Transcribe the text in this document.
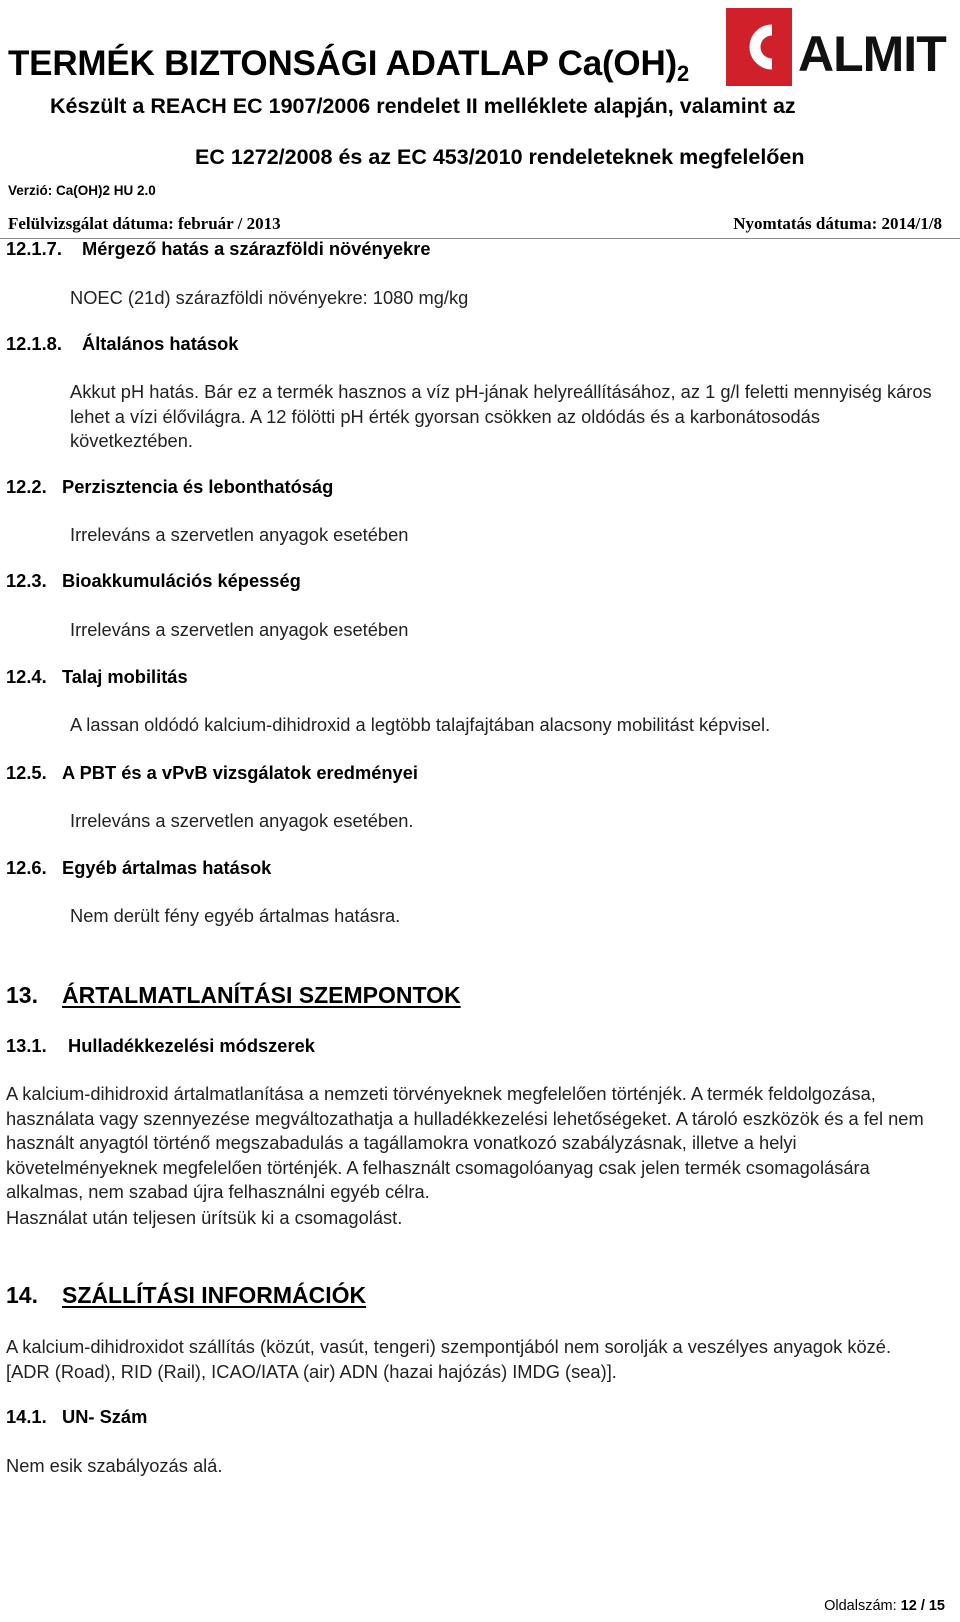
TERMÉK BIZTONSÁGI ADATLAP $Ca(OH)_2$
Készült a REACH EC 1907/2006 rendelet II melléklete alapján, valamint az
EC 1272/2008 és az EC 453/2010 rendeleteknek megfelelően
Verzió: Ca(OH)2 HU 2.0
Felülvizsgálat dátuma: február / 2013	Nyomtatás dátuma: 2014/1/8
ALMIT
12.1.7. Mérgező hatás a szárazföldi növényekre
NOEC (21d) szárazföldi növényekre: 1080 mg/kg
12.1.8. Általános hatások
Akkut pH hatás. Bár ez a termék hasznos a víz pH-jának helyreállításához, az 1 g/l feletti mennyiség káros lehet a vízi élővilágra. A 12 fölötti pH érték gyorsan csökken az oldódás és a karbonátosodás következtében.
12.2. Perzisztencia és lebonthatóság
Irreleváns a szervetlen anyagok esetében
12.3. Bioakkumulációs képesség
Irreleváns a szervetlen anyagok esetében
12.4. Talaj mobilitás
A lassan oldódó kalcium-dihidroxid a legtöbb talajfajtában alacsony mobilitást képvisel.
12.5. A PBT és a vPvB vizsgálatok eredményei
Irreleváns a szervetlen anyagok esetében.
12.6. Egyéb ártalmas hatások
Nem derült fény egyéb ártalmas hatásra.
13. ÁRTALMATLANÍTÁSI SZEMPONTOK
13.1. Hulladékkezelési módszerek
A kalcium-dihidroxid ártalmatlanítása a nemzeti törvényeknek megfelelően történjék. A termék feldolgozása, használata vagy szennyezése megváltozathatja a hulladékkezelési lehetőségeket. A tároló eszközök és a fel nem használt anyagtól történő megszabadulás a tagállamokra vonatkozó szabályzásnak, illetve a helyi követelményeknek megfelelően történjék. A felhasznált csomagolóanyag csak jelen termék csomagolására alkalmas, nem szabad újra felhasználni egyéb célra.
Használat után teljesen ürítsük ki a csomagolást.
14. SZÁLLÍTÁSI INFORMÁCIÓK
A kalcium-dihidroxidot szállítás (közút, vasút, tengeri) szempontjából nem sorolják a veszélyes anyagok közé. [ADR (Road), RID (Rail), ICAO/IATA (air) ADN (hazai hajózás) IMDG (sea)].
14.1. UN- Szám
Nem esik szabályozás alá.
Oldalszám: 12 / 15
